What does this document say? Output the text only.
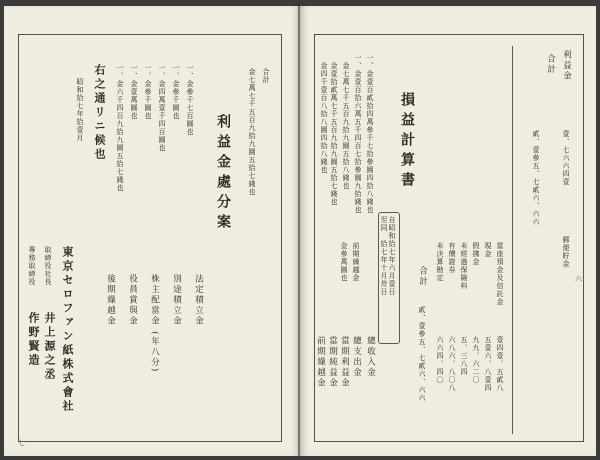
合計
金七萬七千五百九拾九圓五拾七錢也
利益金處分案
一、金參千七百圓也
一、金參千圓也
一、金四萬壹千四百圓也
一、金參千圓也
一、金壹萬圓也
一、金六千四百九拾九圓五拾七錢也
法定積立金
別途積立金
株主配當金 (年八分)
役員賞與金
後期繰越金
右之通リニ候也
昭和拾七年拾壹月
東京セロファン紙株式會社
取締役社長
井上源之丞
專務取締役
作野賢造
七
利益金
合計
貳、壹參五、七貳六、六六	壹、七六六四壹
郵便貯金
當座預金及信託金
現金
假拂金
未經過保險料
有價證券
未決算勘定
壹四壹、五貳八
五壹六、八壹四
九九、六二〇
五、三八四
六八六、八〇八
六六四、四〇
合計
貳、壹參五、七貳六、六六
損益計算書
自昭和拾七年六月壹日
至同　拾七年十月卅日
一、金壹百貳拾四萬參千七拾參圓四拾八錢也
一、金壹百拾六萬五千四百七拾參圓九拾錢也
金七萬七千五百九拾九圓五拾八錢也
金壹拾貳萬七千五百九拾九圓五拾七錢也
金四千壹百八拾八圓四拾八錢也
總收入金
總支出金
當期利益金
當期純益金
前期繰越金
前期繰越金
金參萬圓也	六
